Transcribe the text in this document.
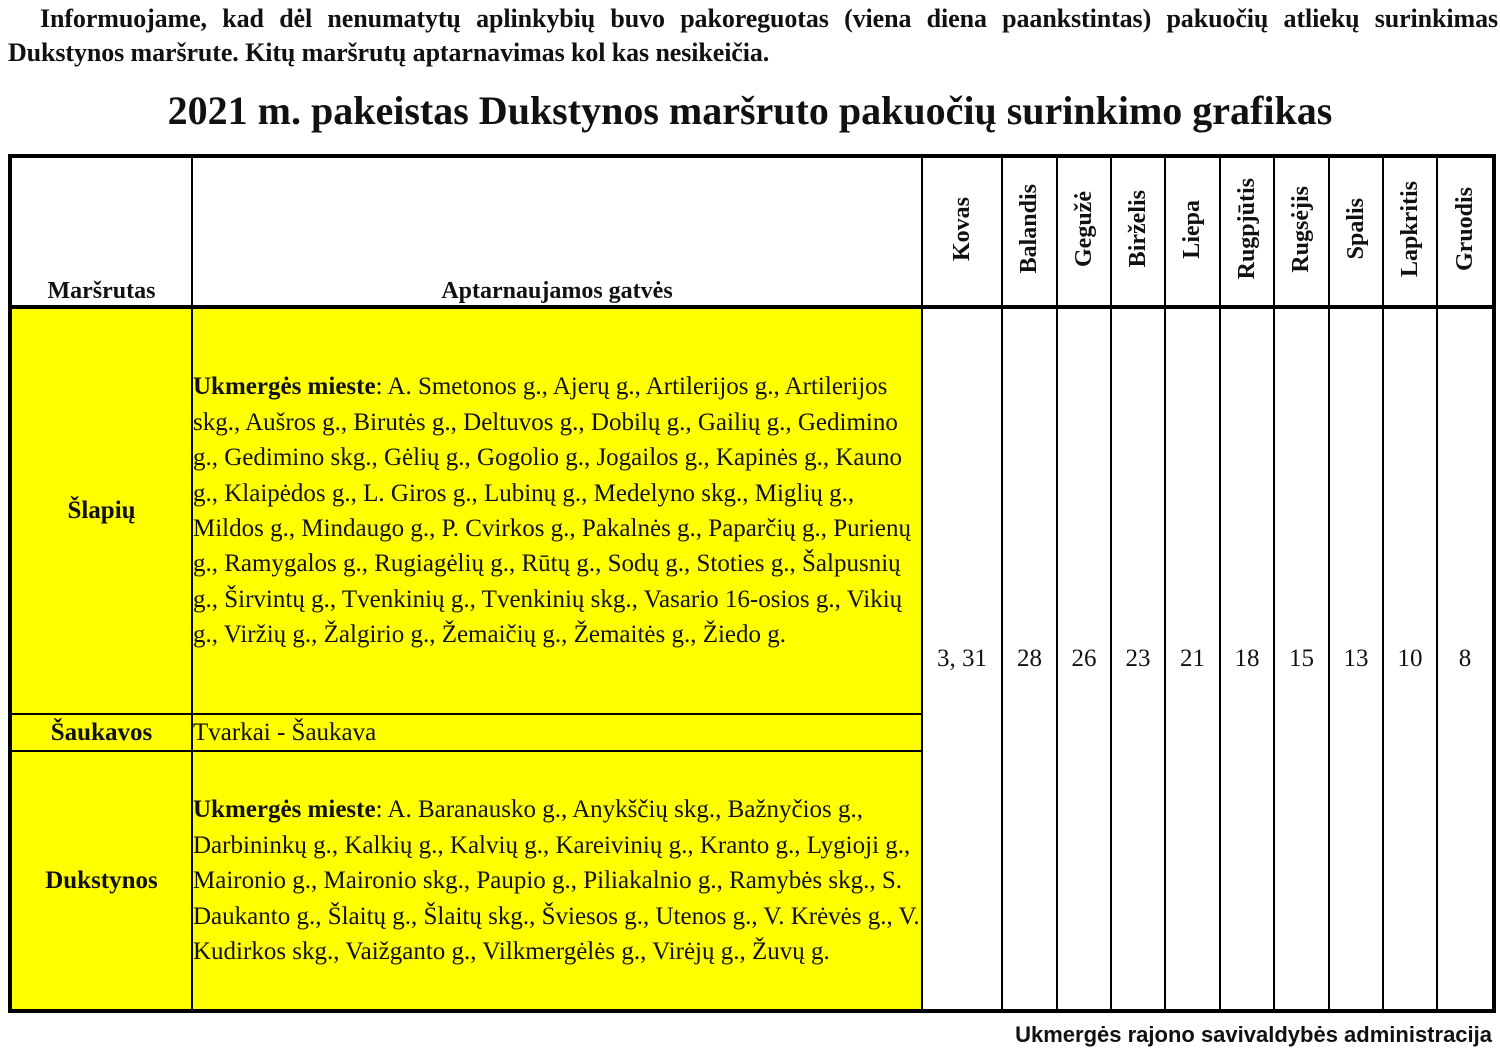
Informuojame, kad dėl nenumatytų aplinkybių buvo pakoreguotas (viena diena paankstintas) pakuočių atliekų surinkimas Dukstynos maršrute. Kitų maršrutų aptarnavimas kol kas nesikeičia.
2021 m. pakeistas Dukstynos maršruto pakuočių surinkimo grafikas
Maršrutas	Aptarnaujamos gatvės	Kovas	Balandis	Gegužė	Birželis	Liepa	Rugpjūtis	Rugsėjis	Spalis	Lapkritis	Gruodis
Šlapių	Ukmergės mieste: A. Smetonos g., Ajerų g., Artilerijos g., Artilerijos skg., Aušros g., Birutės g., Deltuvos g., Dobilų g., Gailių g., Gedimino g., Gedimino skg., Gėlių g., Gogolio g., Jogailos g., Kapinės g., Kauno g., Klaipėdos g., L. Giros g., Lubinų g., Medelyno skg., Miglių g., Mildos g., Mindaugo g., P. Cvirkos g., Pakalnės g., Paparčių g., Purienų g., Ramygalos g., Rugiagėlių g., Rūtų g., Sodų g., Stoties g., Šalpusnių g., Širvintų g., Tvenkinių g., Tvenkinių skg., Vasario 16-osios g., Vikių g., Viržių g., Žalgirio g., Žemaičių g., Žemaitės g., Žiedo g.	3, 31	28	26	23	21	18	15	13	10	8
Šaukavos	Tvarkai - Šaukava										
Dukstynos	Ukmergės mieste: A. Baranausko g., Anykščių skg., Bažnyčios g., Darbininkų g., Kalkių g., Kalvių g., Kareivinių g., Kranto g., Lygioji g., Maironio g., Maironio skg., Paupio g., Piliakalnio g., Ramybės skg., S. Daukanto g., Šlaitų g., Šlaitų skg., Šviesos g., Utenos g., V. Krėvės g., V. Kudirkos skg., Vaižganto g., Vilkmergėlės g., Virėjų g., Žuvų g.										
Ukmergės rajono savivaldybės administracija
